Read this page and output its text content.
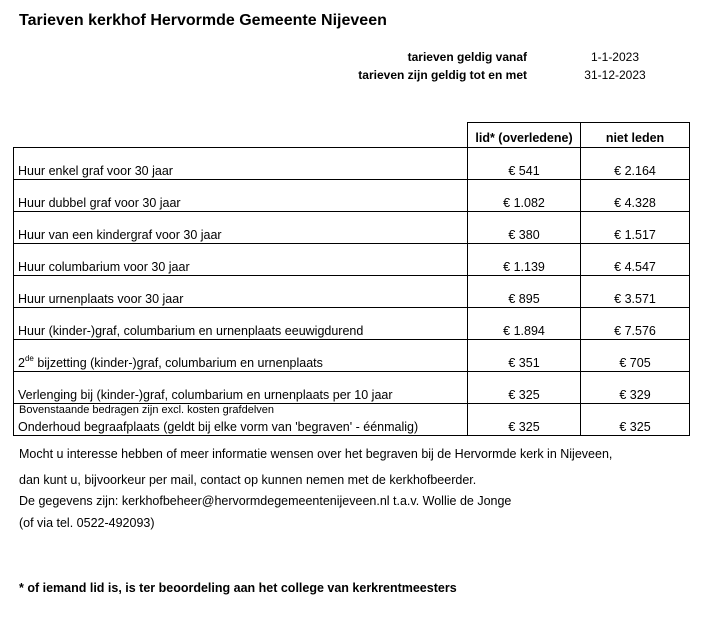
Tarieven kerkhof Hervormde Gemeente Nijeveen
tarieven geldig vanaf	1-1-2023
tarieven zijn geldig tot en met	31-12-2023
	lid* (overledene)	niet leden
Huur enkel graf voor 30 jaar	€ 541	€ 2.164
Huur dubbel graf voor 30 jaar	€ 1.082	€ 4.328
Huur van een kindergraf voor 30 jaar	€ 380	€ 1.517
Huur columbarium voor 30 jaar	€ 1.139	€ 4.547
Huur urnenplaats voor 30 jaar	€ 895	€ 3.571
Huur (kinder-)graf, columbarium en urnenplaats eeuwigdurend	€ 1.894	€ 7.576
2de bijzetting (kinder-)graf, columbarium en urnenplaats	€ 351	€ 705
Verlenging bij (kinder-)graf, columbarium en urnenplaats per 10 jaar	€ 325	€ 329
Onderhoud begraafplaats (geldt bij elke vorm van 'begraven' - éénmalig)	€ 325	€ 325
Bovenstaande bedragen zijn excl. kosten grafdelven

Mocht u interesse hebben of meer informatie wensen over het begraven bij de Hervormde kerk in Nijeveen,

dan kunt u, bijvoorkeur per mail, contact op kunnen nemen met de kerkhofbeerder.

De gegevens zijn: kerkhofbeheer@hervormdegemeentenijeveen.nl t.a.v. Wollie de Jonge

(of via tel. 0522-492093)

* of iemand lid is, is ter beoordeling aan het college van kerkrentmeesters
